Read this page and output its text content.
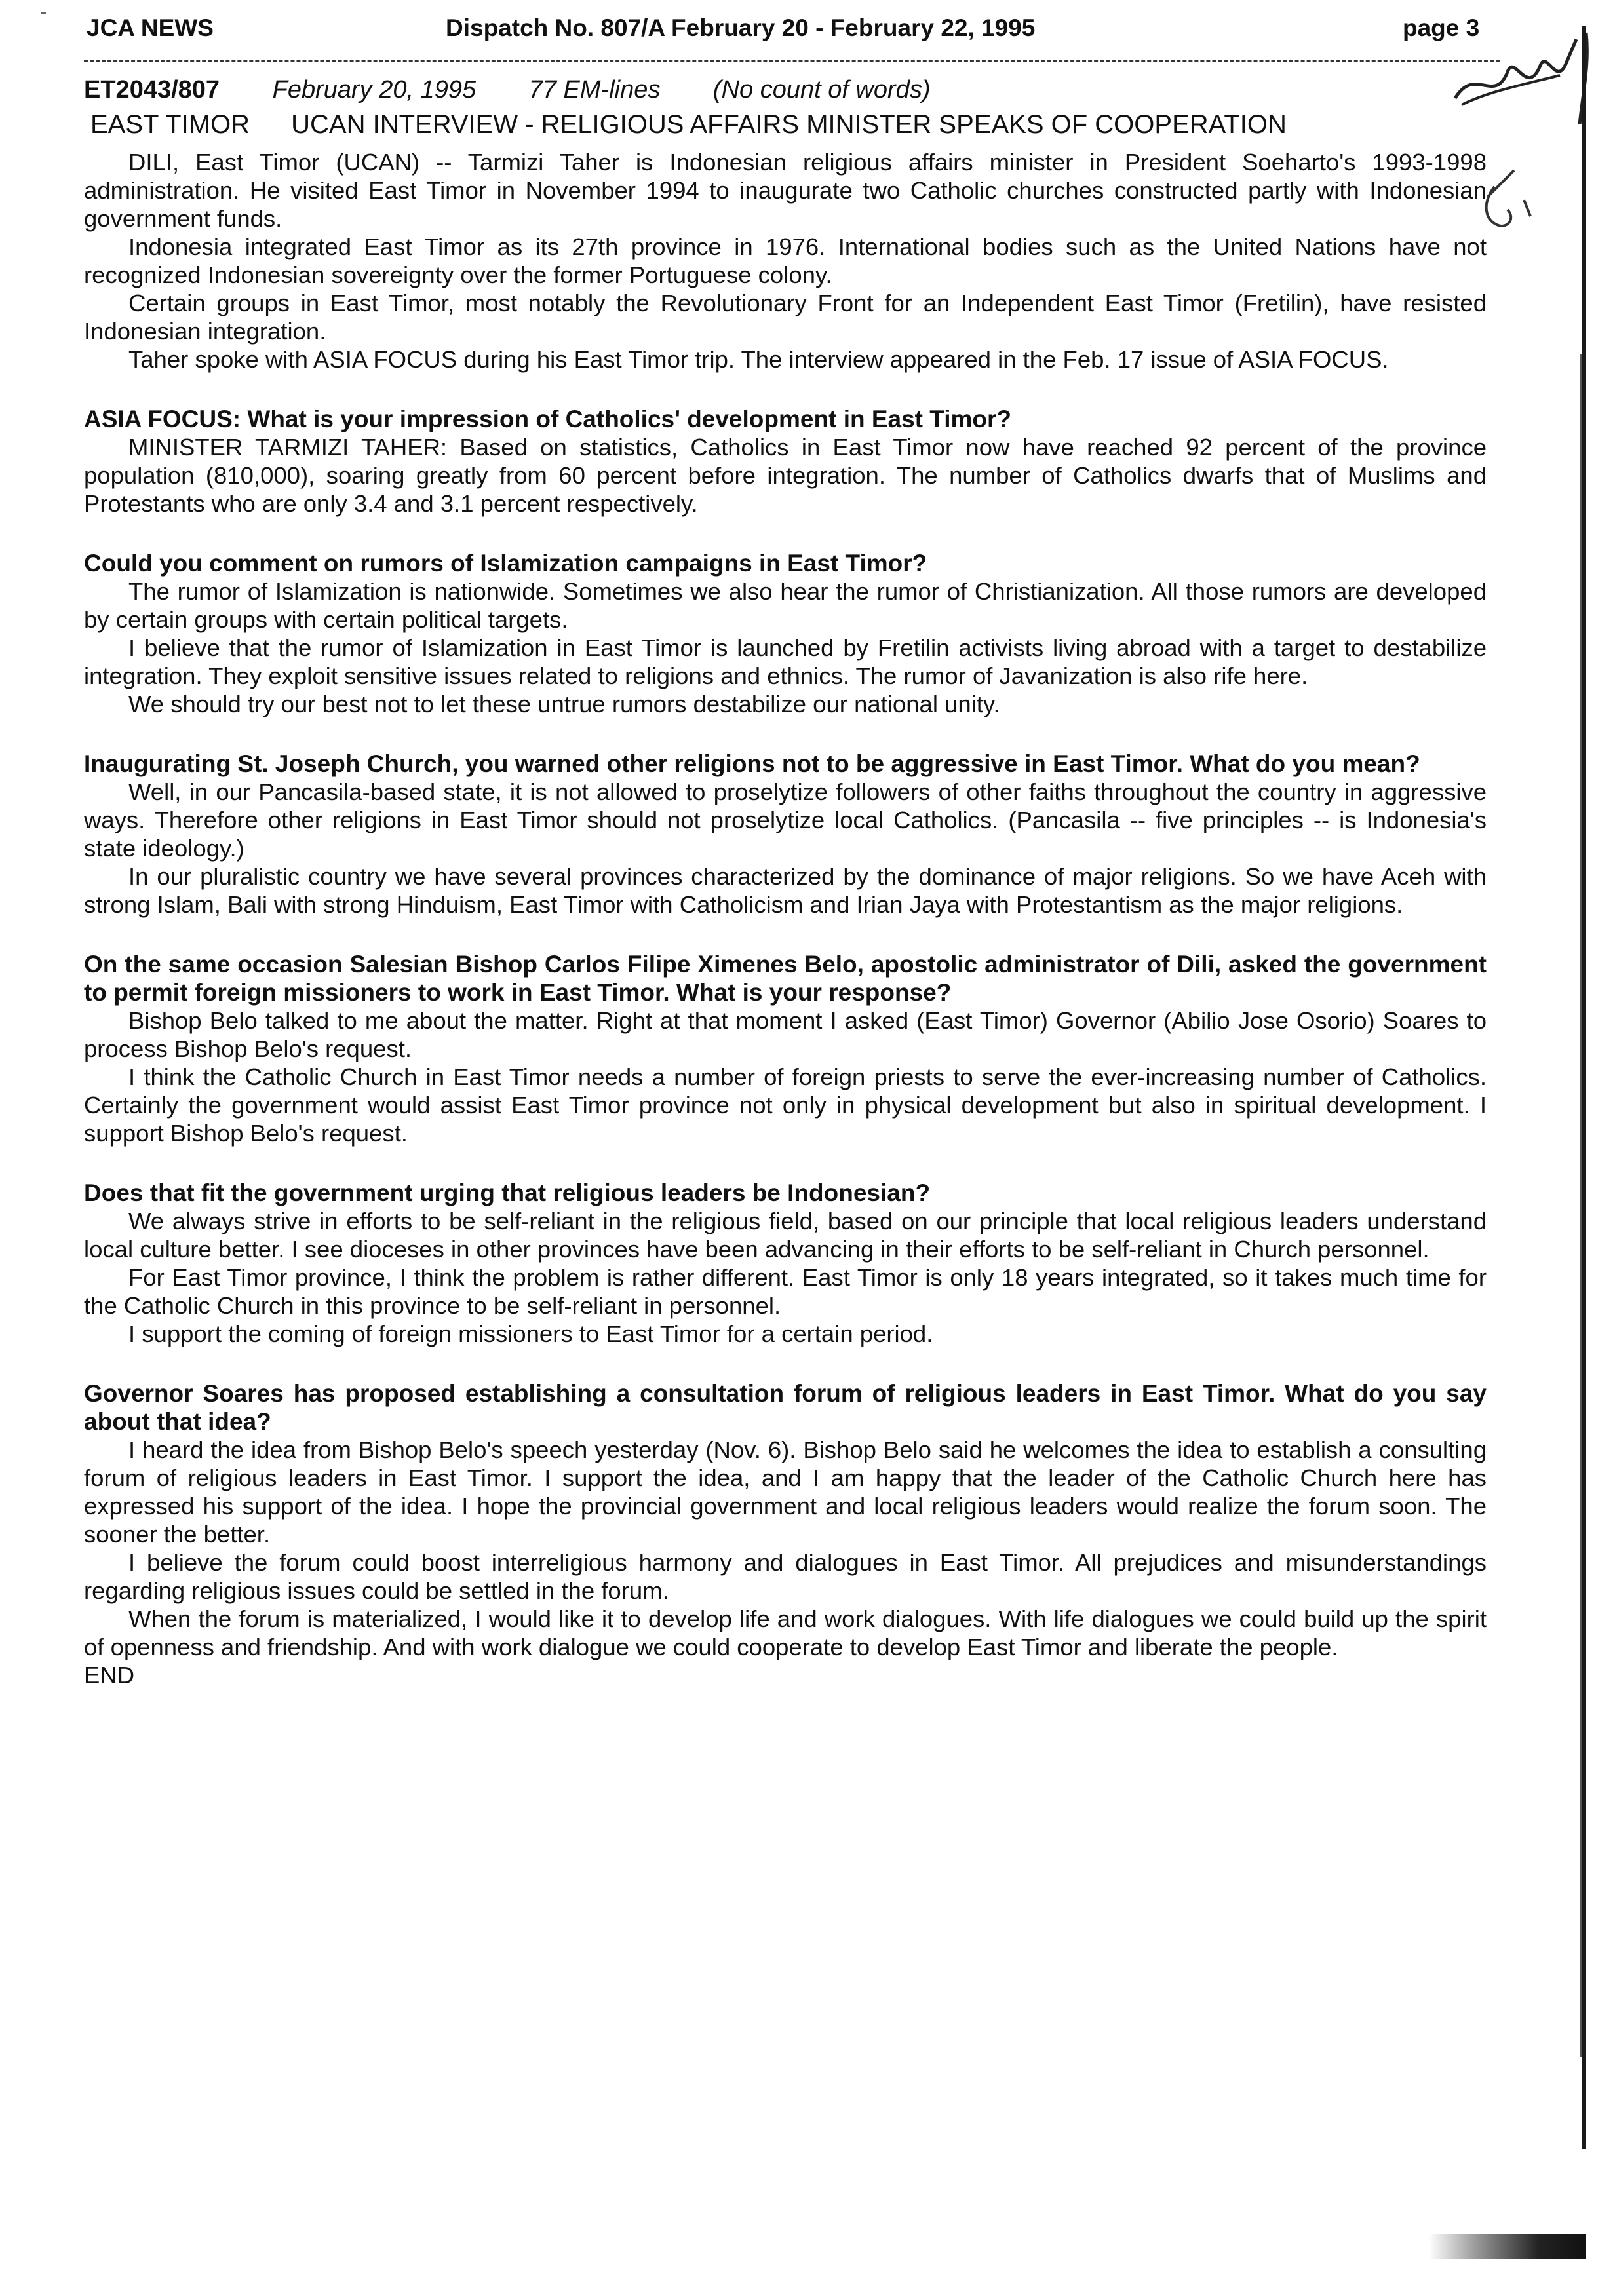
JCA NEWS	Dispatch No. 807/A February 20 - February 22, 1995	page 3
ET2043/807 February 20, 1995 77 EM-lines (No count of words)
EAST TIMOR UCAN INTERVIEW - RELIGIOUS AFFAIRS MINISTER SPEAKS OF COOPERATION

DILI, East Timor (UCAN) -- Tarmizi Taher is Indonesian religious affairs minister in President Soeharto's 1993-1998 administration. He visited East Timor in November 1994 to inaugurate two Catholic churches constructed partly with Indonesian government funds.

Indonesia integrated East Timor as its 27th province in 1976. International bodies such as the United Nations have not recognized Indonesian sovereignty over the former Portuguese colony.

Certain groups in East Timor, most notably the Revolutionary Front for an Independent East Timor (Fretilin), have resisted Indonesian integration.

Taher spoke with ASIA FOCUS during his East Timor trip. The interview appeared in the Feb. 17 issue of ASIA FOCUS.

ASIA FOCUS: What is your impression of Catholics' development in East Timor?

MINISTER TARMIZI TAHER: Based on statistics, Catholics in East Timor now have reached 92 percent of the province population (810,000), soaring greatly from 60 percent before integration. The number of Catholics dwarfs that of Muslims and Protestants who are only 3.4 and 3.1 percent respectively.

Could you comment on rumors of Islamization campaigns in East Timor?

The rumor of Islamization is nationwide. Sometimes we also hear the rumor of Christianization. All those rumors are developed by certain groups with certain political targets.

I believe that the rumor of Islamization in East Timor is launched by Fretilin activists living abroad with a target to destabilize integration. They exploit sensitive issues related to religions and ethnics. The rumor of Javanization is also rife here.

We should try our best not to let these untrue rumors destabilize our national unity.

Inaugurating St. Joseph Church, you warned other religions not to be aggressive in East Timor. What do you mean?

Well, in our Pancasila-based state, it is not allowed to proselytize followers of other faiths throughout the country in aggressive ways. Therefore other religions in East Timor should not proselytize local Catholics. (Pancasila -- five principles -- is Indonesia's state ideology.)

In our pluralistic country we have several provinces characterized by the dominance of major religions. So we have Aceh with strong Islam, Bali with strong Hinduism, East Timor with Catholicism and Irian Jaya with Protestantism as the major religions.

On the same occasion Salesian Bishop Carlos Filipe Ximenes Belo, apostolic administrator of Dili, asked the government to permit foreign missioners to work in East Timor. What is your response?

Bishop Belo talked to me about the matter. Right at that moment I asked (East Timor) Governor (Abilio Jose Osorio) Soares to process Bishop Belo's request.

I think the Catholic Church in East Timor needs a number of foreign priests to serve the ever-increasing number of Catholics. Certainly the government would assist East Timor province not only in physical development but also in spiritual development. I support Bishop Belo's request.

Does that fit the government urging that religious leaders be Indonesian?

We always strive in efforts to be self-reliant in the religious field, based on our principle that local religious leaders understand local culture better. I see dioceses in other provinces have been advancing in their efforts to be self-reliant in Church personnel.

For East Timor province, I think the problem is rather different. East Timor is only 18 years integrated, so it takes much time for the Catholic Church in this province to be self-reliant in personnel.

I support the coming of foreign missioners to East Timor for a certain period.

Governor Soares has proposed establishing a consultation forum of religious leaders in East Timor. What do you say about that idea?

I heard the idea from Bishop Belo's speech yesterday (Nov. 6). Bishop Belo said he welcomes the idea to establish a consulting forum of religious leaders in East Timor. I support the idea, and I am happy that the leader of the Catholic Church here has expressed his support of the idea. I hope the provincial government and local religious leaders would realize the forum soon. The sooner the better.

I believe the forum could boost interreligious harmony and dialogues in East Timor. All prejudices and misunderstandings regarding religious issues could be settled in the forum.

When the forum is materialized, I would like it to develop life and work dialogues. With life dialogues we could build up the spirit of openness and friendship. And with work dialogue we could cooperate to develop East Timor and liberate the people.

END
